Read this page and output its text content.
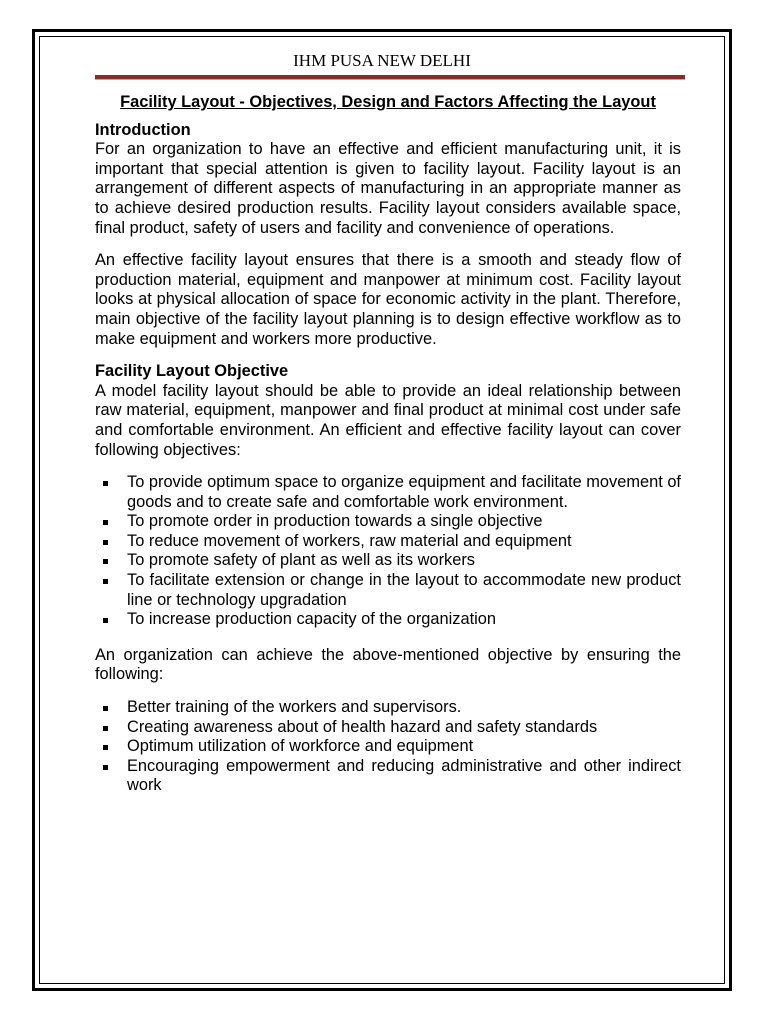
IHM PUSA NEW DELHI
Facility Layout - Objectives, Design and Factors Affecting the Layout
Introduction

For an organization to have an effective and efficient manufacturing unit, it is important that special attention is given to facility layout. Facility layout is an arrangement of different aspects of manufacturing in an appropriate manner as to achieve desired production results. Facility layout considers available space, final product, safety of users and facility and convenience of operations.

An effective facility layout ensures that there is a smooth and steady flow of production material, equipment and manpower at minimum cost. Facility layout looks at physical allocation of space for economic activity in the plant. Therefore, main objective of the facility layout planning is to design effective workflow as to make equipment and workers more productive.

Facility Layout Objective

A model facility layout should be able to provide an ideal relationship between raw material, equipment, manpower and final product at minimal cost under safe and comfortable environment. An efficient and effective facility layout can cover following objectives:

To provide optimum space to organize equipment and facilitate movement of goods and to create safe and comfortable work environment.
To promote order in production towards a single objective
To reduce movement of workers, raw material and equipment
To promote safety of plant as well as its workers
To facilitate extension or change in the layout to accommodate new product line or technology upgradation
To increase production capacity of the organization

An organization can achieve the above-mentioned objective by ensuring the following:

Better training of the workers and supervisors.
Creating awareness about of health hazard and safety standards
Optimum utilization of workforce and equipment
Encouraging empowerment and reducing administrative and other indirect work
